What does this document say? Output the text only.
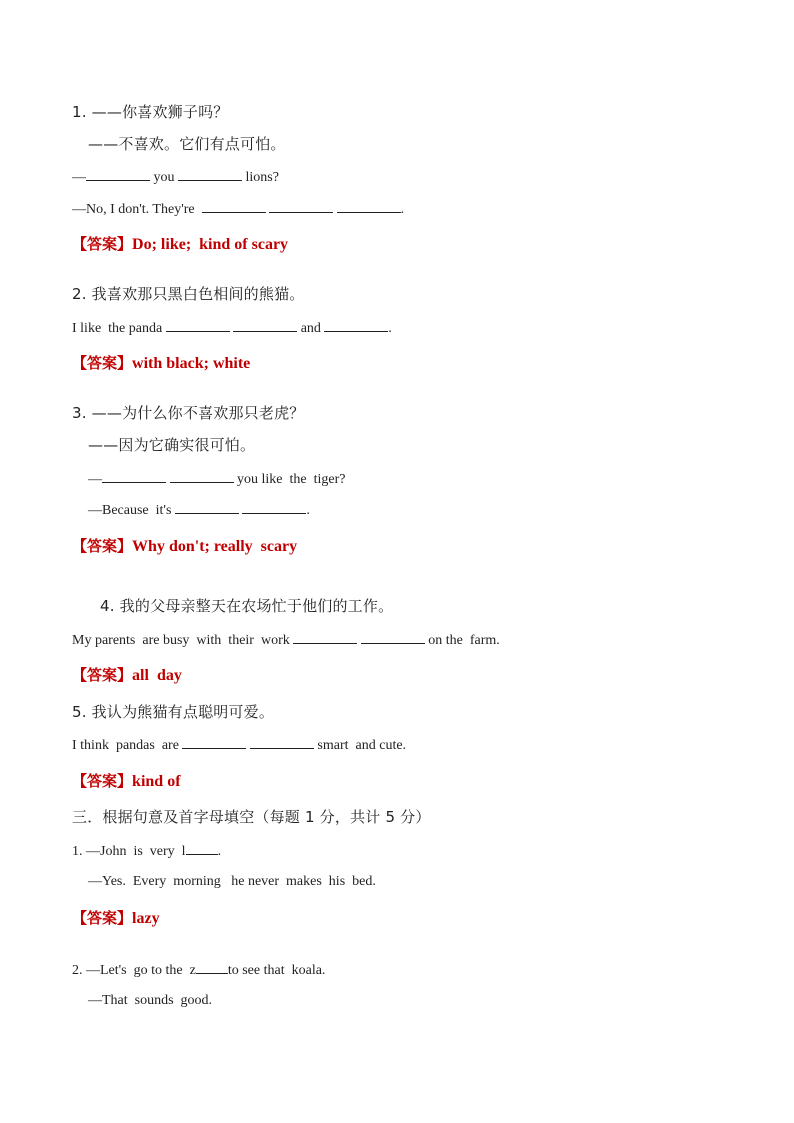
1. ——你喜欢狮子吗？
——不喜欢。它们有点可怕。
—	you	lions?
—No, I don't. They're	.
【答案】Do; like;  kind of scary
2. 我喜欢那只黑白色相间的熊猫。
I like  the panda	and	.
【答案】with black; white
3. ——为什么你不喜欢那只老虎？
——因为它确实很可怕。
—	you like  the  tiger?
—Because  it's	.
【答案】Why don't; really  scary
4. 我的父母亲整天在农场忙于他们的工作。
My parents  are busy  with  their  work	on the  farm.
【答案】all  day
5. 我认为熊猫有点聪明可爱。
I think  pandas  are	smart  and cute.
【答案】kind of
三．根据句意及首字母填空（每题 1 分，共计 5 分）
1. —John  is  very  l .
—Yes.  Every  morning   he never  makes  his  bed.
【答案】lazy
2. —Let's  go to the  z to see that  koala.
—That  sounds  good.
